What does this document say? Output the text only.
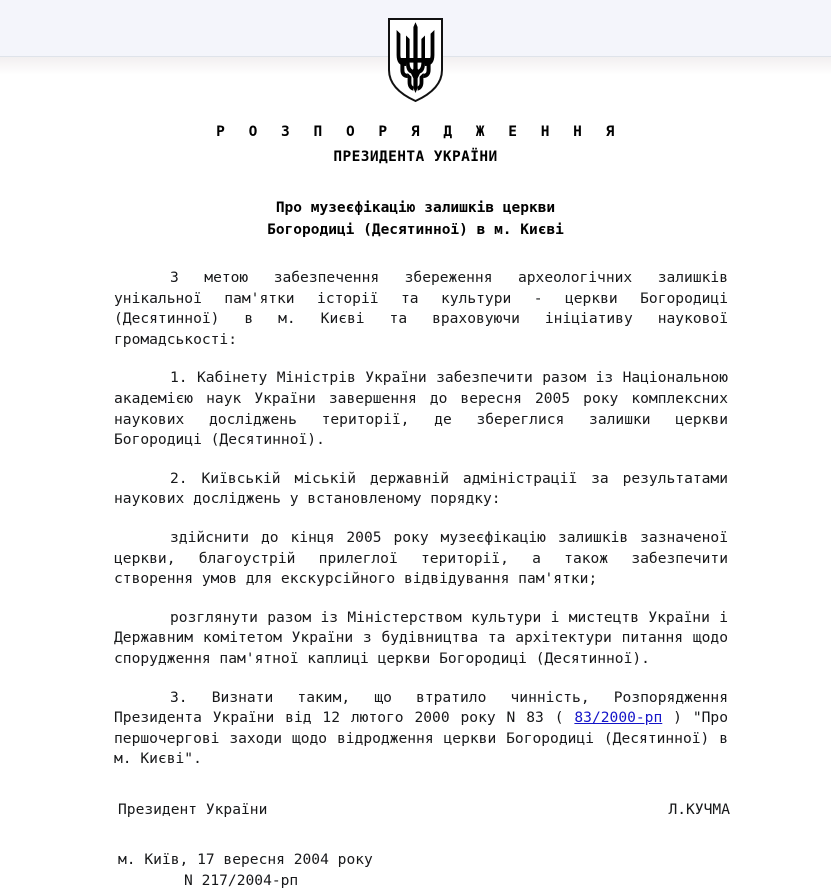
Р О З П О Р Я Д Ж Е Н Н Я
ПРЕЗИДЕНТА УКРАЇНИ
Про музеєфікацію залишків церкви
Богородиці (Десятинної) в м. Києві

З метою забезпечення збереження археологічних залишків унікальної пам'ятки історії та культури - церкви Богородиці (Десятинної) в м. Києві та враховуючи ініціативу наукової громадськості:

1. Кабінету Міністрів України забезпечити разом із Національною академією наук України завершення до вересня 2005 року комплексних наукових досліджень території, де збереглися залишки церкви Богородиці (Десятинної).

2. Київській міській державній адміністрації за результатами наукових досліджень у встановленому порядку:

здійснити до кінця 2005 року музеєфікацію залишків зазначеної церкви, благоустрій прилеглої території, а також забезпечити створення умов для екскурсійного відвідування пам'ятки;

розглянути разом із Міністерством культури і мистецтв України і Державним комітетом України з будівництва та архітектури питання щодо спорудження пам'ятної каплиці церкви Богородиці (Десятинної).

3. Визнати таким, що втратило чинність, Розпорядження Президента України від 12 лютого 2000 року N 83 ( 83/2000-рп ) "Про першочергові заходи щодо відродження церкви Богородиці (Десятинної) в м. Києві".

Президент України	Л.КУЧМА
м. Київ, 17 вересня 2004 року
N 217/2004-рп
